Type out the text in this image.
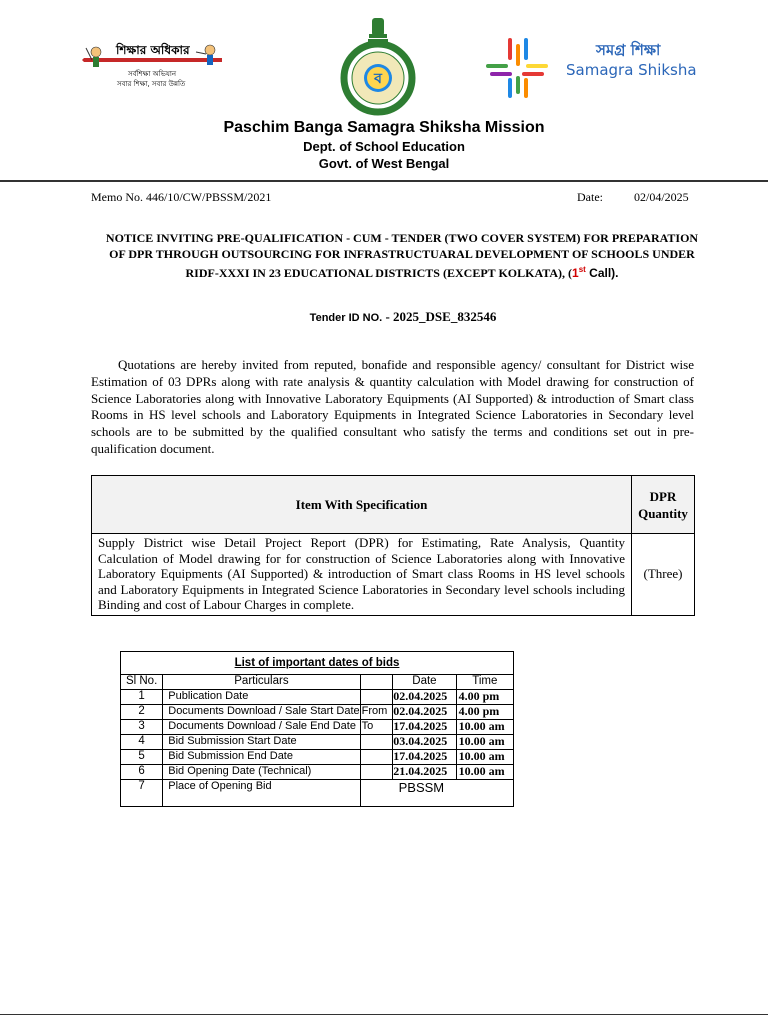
শিক্ষার অধিকার
সর্বশিক্ষা অভিযান
সবার শিক্ষা, সবার উন্নতি	ব
সমগ্র শিক্ষা
Samagra Shiksha
Paschim Banga Samagra Shiksha Mission
Dept. of School Education
Govt. of West Bengal
Memo No. 446/10/CW/PBSSM/2021	Date:	02/04/2025
NOTICE INVITING PRE-QUALIFICATION - CUM - TENDER (TWO COVER SYSTEM) FOR PREPARATION OF DPR THROUGH OUTSOURCING FOR INFRASTRUCTUARAL DEVELOPMENT OF SCHOOLS UNDER RIDF-XXXI IN 23 EDUCATIONAL DISTRICTS (EXCEPT KOLKATA), (1st Call).
Tender ID NO. - 2025_DSE_832546
Quotations are hereby invited from reputed, bonafide and responsible agency/ consultant for District wise Estimation of 03 DPRs along with rate analysis & quantity calculation with Model drawing for construction of Science Laboratories along with Innovative Laboratory Equipments (AI Supported) & introduction of Smart class Rooms in HS level schools and Laboratory Equipments in Integrated Science Laboratories in Secondary level schools are to be submitted by the qualified consultant who satisfy the terms and conditions set out in pre- qualification document.
Item With Specification	DPR Quantity
Supply District wise Detail Project Report (DPR) for Estimating, Rate Analysis, Quantity Calculation of Model drawing for for construction of Science Laboratories along with Innovative Laboratory Equipments (AI Supported) & introduction of Smart class Rooms in HS level schools and Laboratory Equipments in Integrated Science Laboratories in Secondary level schools including Binding and cost of Labour Charges in complete.	(Three)
List of important dates of bids				
Sl No.	Particulars		Date	Time
1	Publication Date		02.04.2025	4.00 pm
2	Documents Download / Sale Start Date	From	02.04.2025	4.00 pm
3	Documents Download / Sale End Date	To	17.04.2025	10.00 am
4	Bid Submission Start Date		03.04.2025	10.00 am
5	Bid Submission End Date		17.04.2025	10.00 am
6	Bid Opening Date (Technical)		21.04.2025	10.00 am
7	Place of Opening Bid	PBSSM		
